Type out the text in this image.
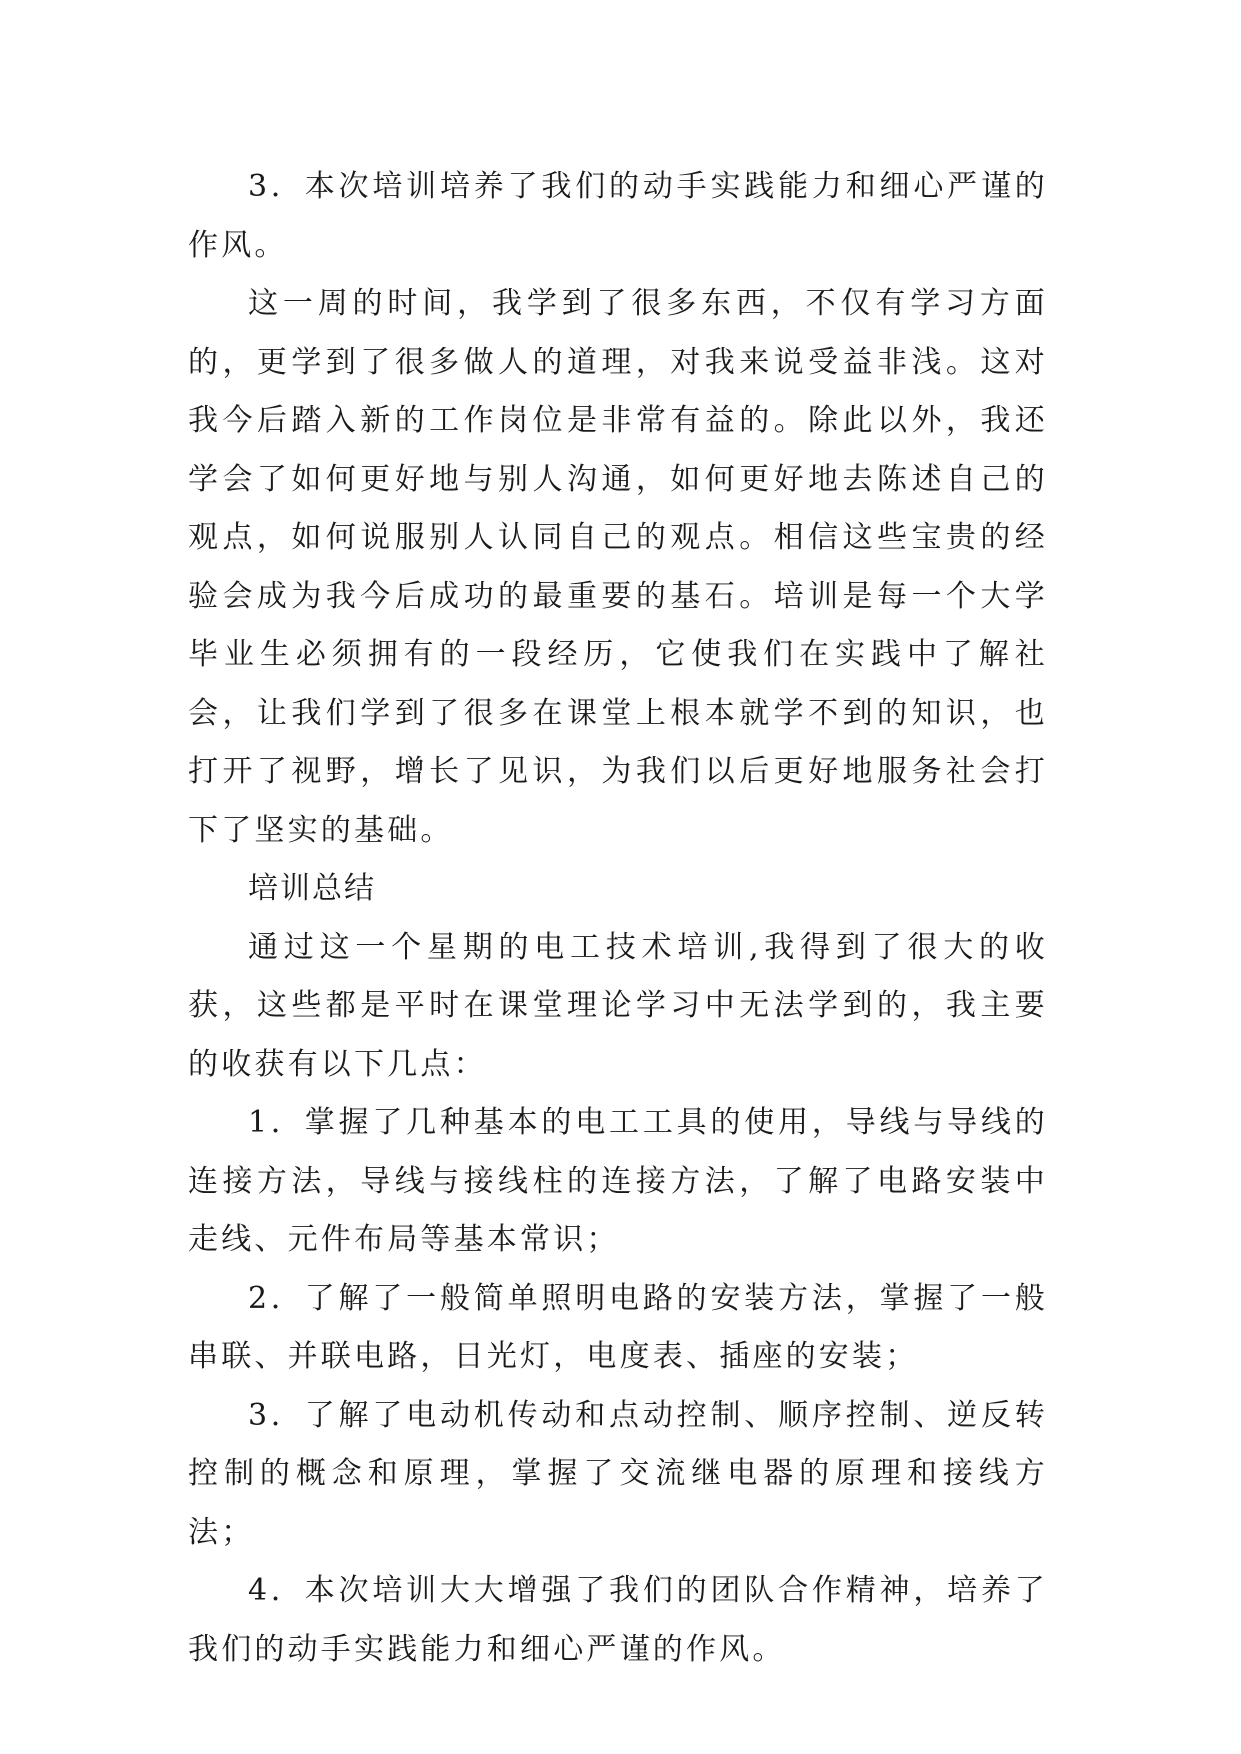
3．本次培训培养了我们的动手实践能力和细心严谨的作风。

这一周的时间，我学到了很多东西，不仅有学习方面的，更学到了很多做人的道理，对我来说受益非浅。这对我今后踏入新的工作岗位是非常有益的。除此以外，我还学会了如何更好地与别人沟通，如何更好地去陈述自己的观点，如何说服别人认同自己的观点。相信这些宝贵的经验会成为我今后成功的最重要的基石。培训是每一个大学毕业生必须拥有的一段经历，它使我们在实践中了解社会，让我们学到了很多在课堂上根本就学不到的知识，也打开了视野，增长了见识，为我们以后更好地服务社会打下了坚实的基础。

培训总结

通过这一个星期的电工技术培训,我得到了很大的收获，这些都是平时在课堂理论学习中无法学到的，我主要的收获有以下几点：

1．掌握了几种基本的电工工具的使用，导线与导线的连接方法，导线与接线柱的连接方法，了解了电路安装中走线、元件布局等基本常识；

2．了解了一般简单照明电路的安装方法，掌握了一般串联、并联电路，日光灯，电度表、插座的安装；

3．了解了电动机传动和点动控制、顺序控制、逆反转控制的概念和原理，掌握了交流继电器的原理和接线方法；

4．本次培训大大增强了我们的团队合作精神，培养了我们的动手实践能力和细心严谨的作风。
